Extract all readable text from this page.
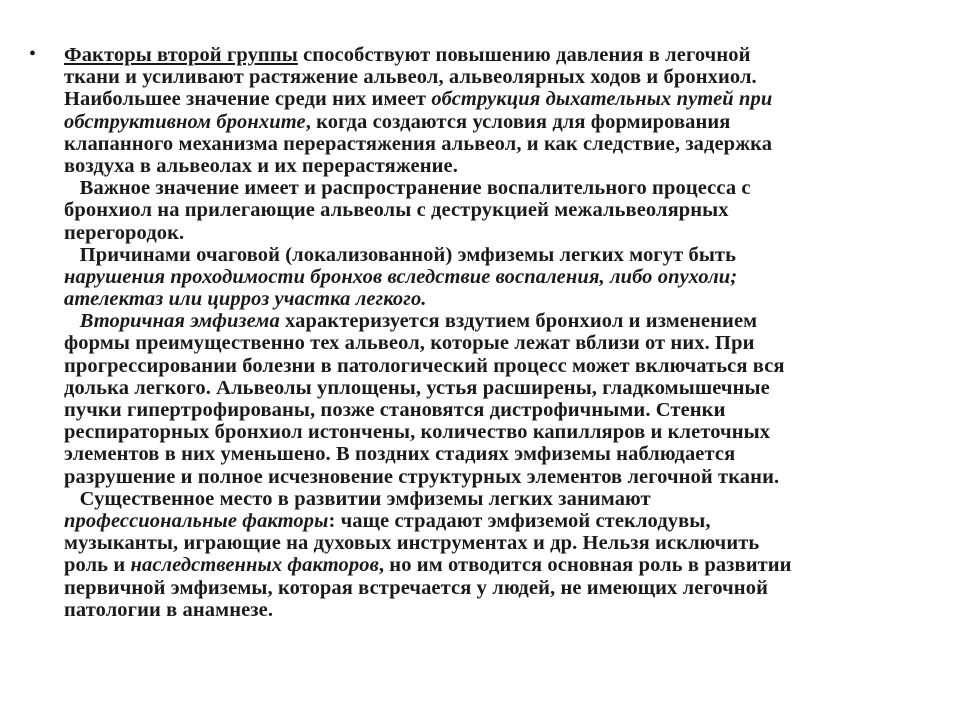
• Факторы второй группы способствуют повышению давления в легочной
ткани и усиливают растяжение альвеол, альвеолярных ходов и бронхиол.
Наибольшее значение среди них имеет обструкция дыхательных путей при
обструктивном бронхите, когда создаются условия для формирования
клапанного механизма перерастяжения альвеол, и как следствие, задержка
воздуха в альвеолах и их перерастяжение.
Важное значение имеет и распространение воспалительного процесса с
бронхиол на прилегающие альвеолы с деструкцией межальвеолярных
перегородок.
Причинами очаговой (локализованной) эмфиземы легких могут быть
нарушения проходимости бронхов вследствие воспаления, либо опухоли;
ателектаз или цирроз участка легкого.
Вторичная эмфизема характеризуется вздутием бронхиол и изменением
формы преимущественно тех альвеол, которые лежат вблизи от них. При
прогрессировании болезни в патологический процесс может включаться вся
долька легкого. Альвеолы уплощены, устья расширены, гладкомышечные
пучки гипертрофированы, позже становятся дистрофичными. Стенки
респираторных бронхиол истончены, количество капилляров и клеточных
элементов в них уменьшено. В поздних стадиях эмфиземы наблюдается
разрушение и полное исчезновение структурных элементов легочной ткани.
Существенное место в развитии эмфиземы легких занимают
профессиональные факторы: чаще страдают эмфиземой стеклодувы,
музыканты, играющие на духовых инструментах и др. Нельзя исключить
роль и наследственных факторов, но им отводится основная роль в развитии
первичной эмфиземы, которая встречается у людей, не имеющих легочной
патологии в анамнезе.
